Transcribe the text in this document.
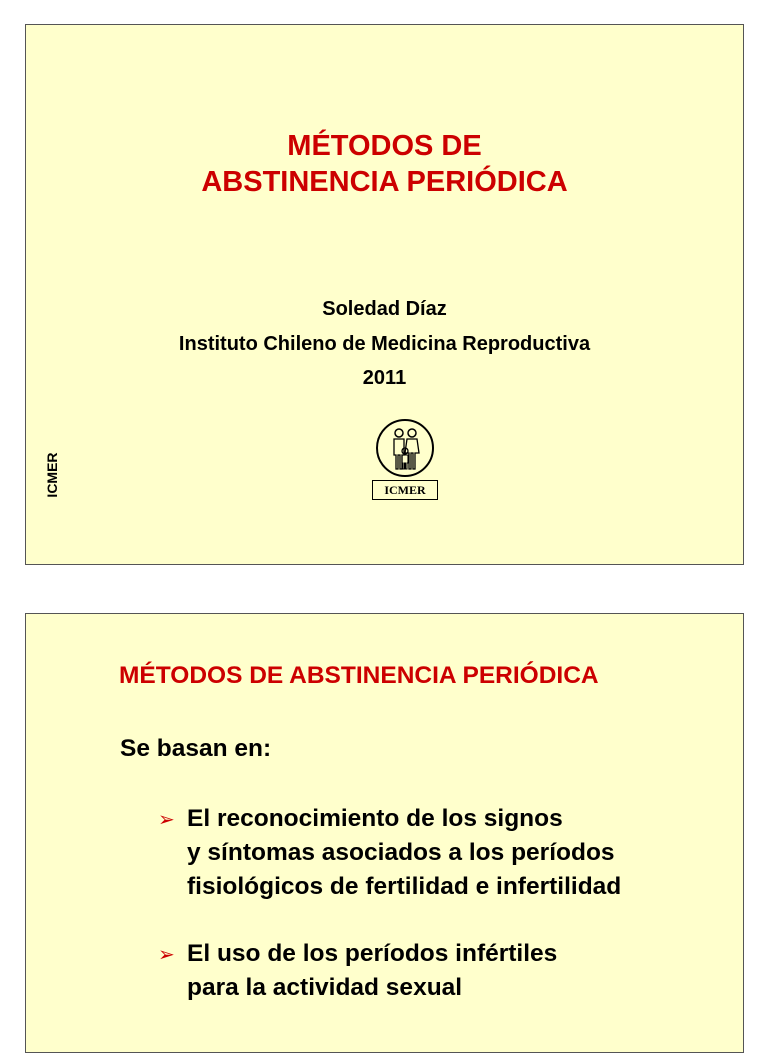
MÉTODOS DE
ABSTINENCIA PERIÓDICA
Soledad Díaz
Instituto Chileno de Medicina Reproductiva
2011
ICMER	ICMER
MÉTODOS DE ABSTINENCIA PERIÓDICA
Se basan en:
➢ El reconocimiento de los signos
y síntomas asociados a los períodos
fisiológicos de fertilidad e infertilidad
➢ El uso de los períodos infértiles
para la actividad sexual
